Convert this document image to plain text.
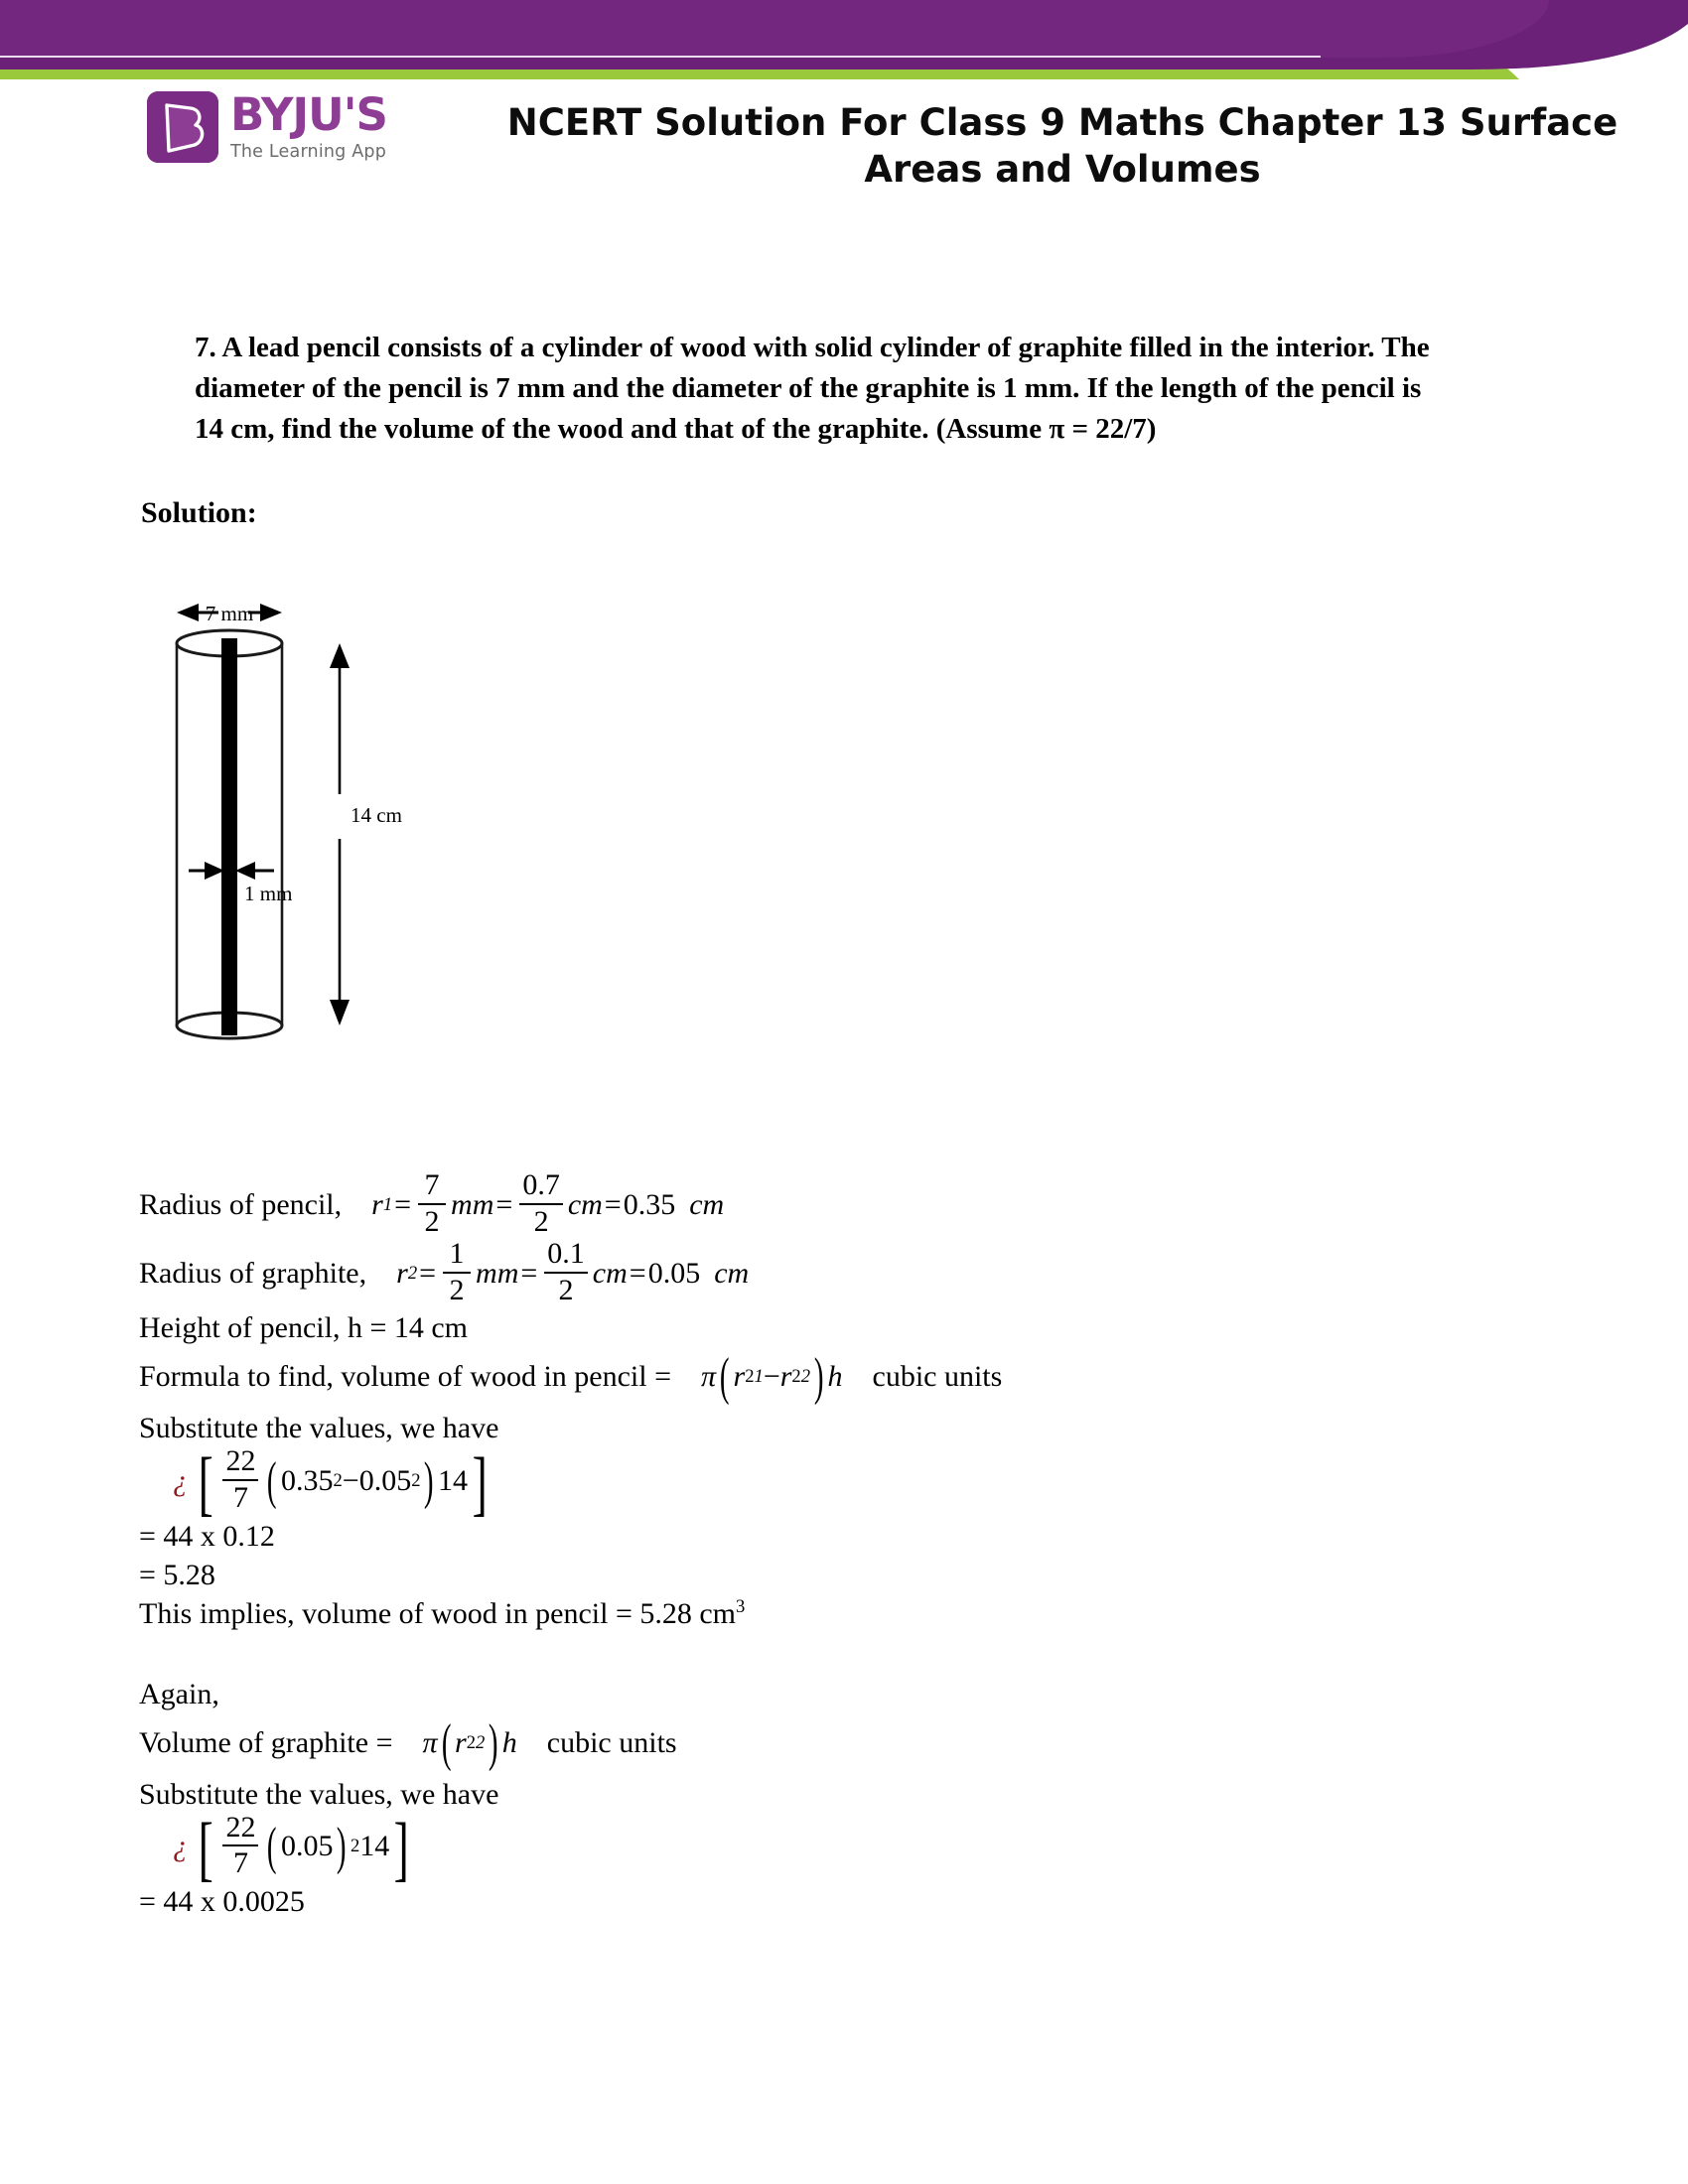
BYJU'S
The Learning App
NCERT Solution For Class 9 Maths Chapter 13 Surface
Areas and Volumes
7. A lead pencil consists of a cylinder of wood with solid cylinder of graphite filled in the interior. The diameter of the pencil is 7 mm and the diameter of the graphite is 1 mm. If the length of the pencil is 14 cm, find the volume of the wood and that of the graphite. (Assume π = 22/7)
Solution:
7 mm
1 mm
14 cm
Radius of pencil, r $1 = \frac{7}{2}$ mm = $\frac{0.7}{2}$ cm = 0.35 cm
Radius of graphite, r $2 = \frac{1}{2}$ mm = $\frac{0.1}{2}$ cm = 0.05 cm
Height of pencil, h = 14 cm
Formula to find, volume of wood in pencil = π ( r 2 1 − r 2 2 ) h cubic units
Substitute the values, we have
¿ [ $\frac{22}{7}$ ( 0.35 2 − 0.05 2 ) 14 ]
= 44 x 0.12
= 5.28
This implies, volume of wood in pencil = 5.28 $cm^3$
Again,
Volume of graphite = π ( r 2 2 ) h cubic units
Substitute the values, we have
¿ [ $\frac{22}{7}$ ( 0.05 ) 2 14 ]
= 44 x 0.0025
